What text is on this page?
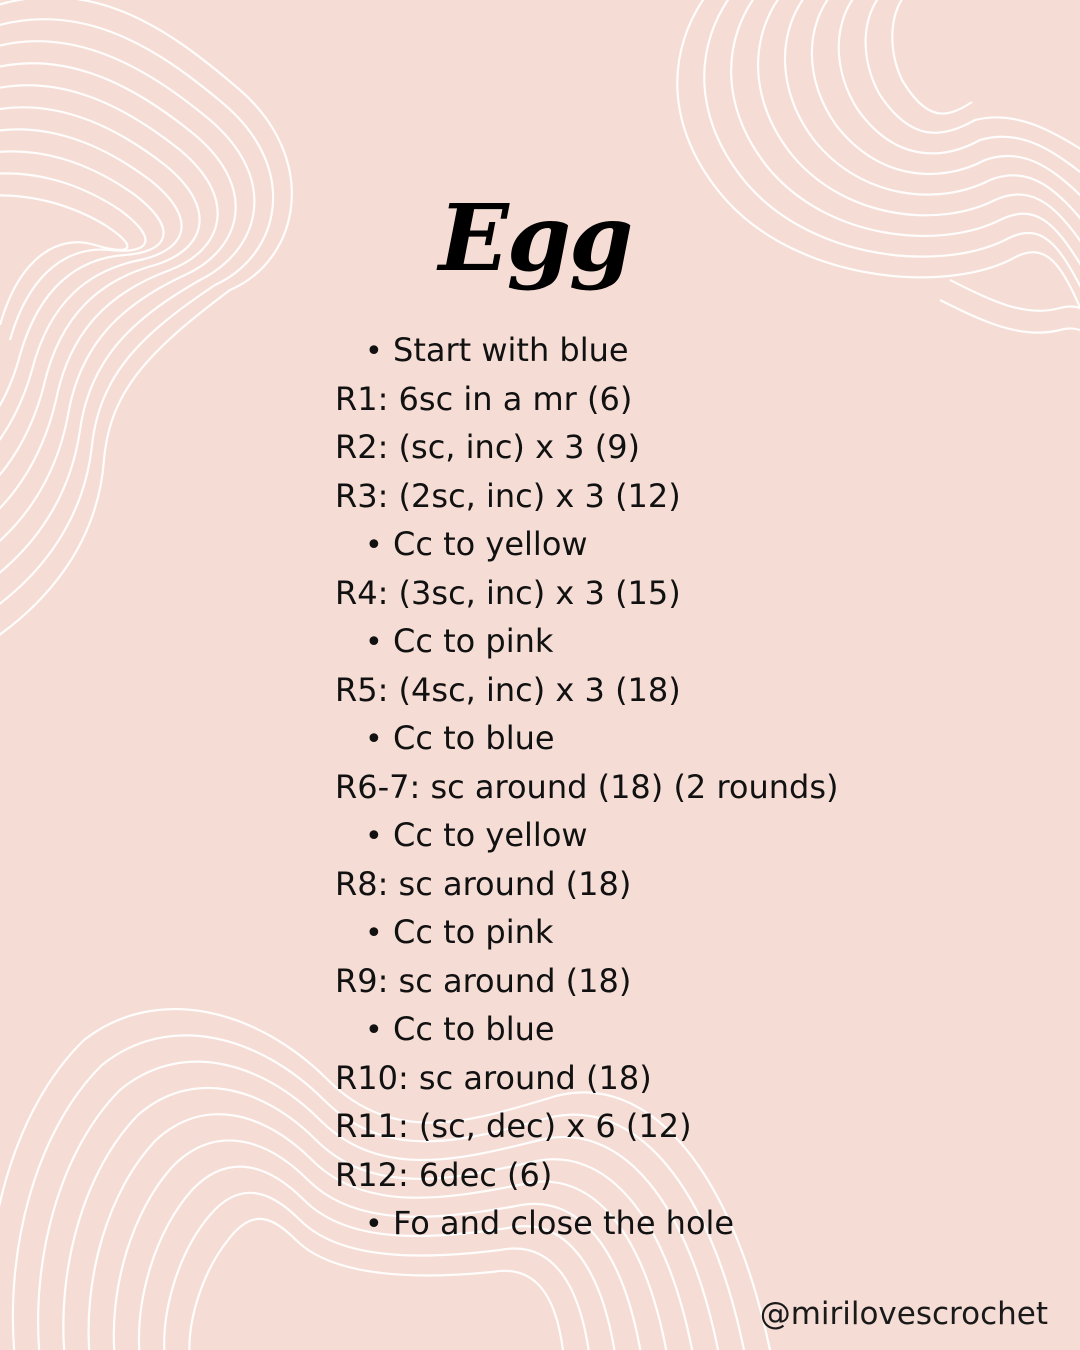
Egg
• Start with blue
R1: 6sc in a mr (6)
R2: (sc, inc) x 3 (9)
R3: (2sc, inc) x 3 (12)
• Cc to yellow
R4: (3sc, inc) x 3 (15)
• Cc to pink
R5: (4sc, inc) x 3 (18)
• Cc to blue
R6-7: sc around (18) (2 rounds)
• Cc to yellow
R8: sc around (18)
• Cc to pink
R9: sc around (18)
• Cc to blue
R10: sc around (18)
R11: (sc, dec) x 6 (12)
R12: 6dec (6)
• Fo and close the hole
@mirilovescrochet
